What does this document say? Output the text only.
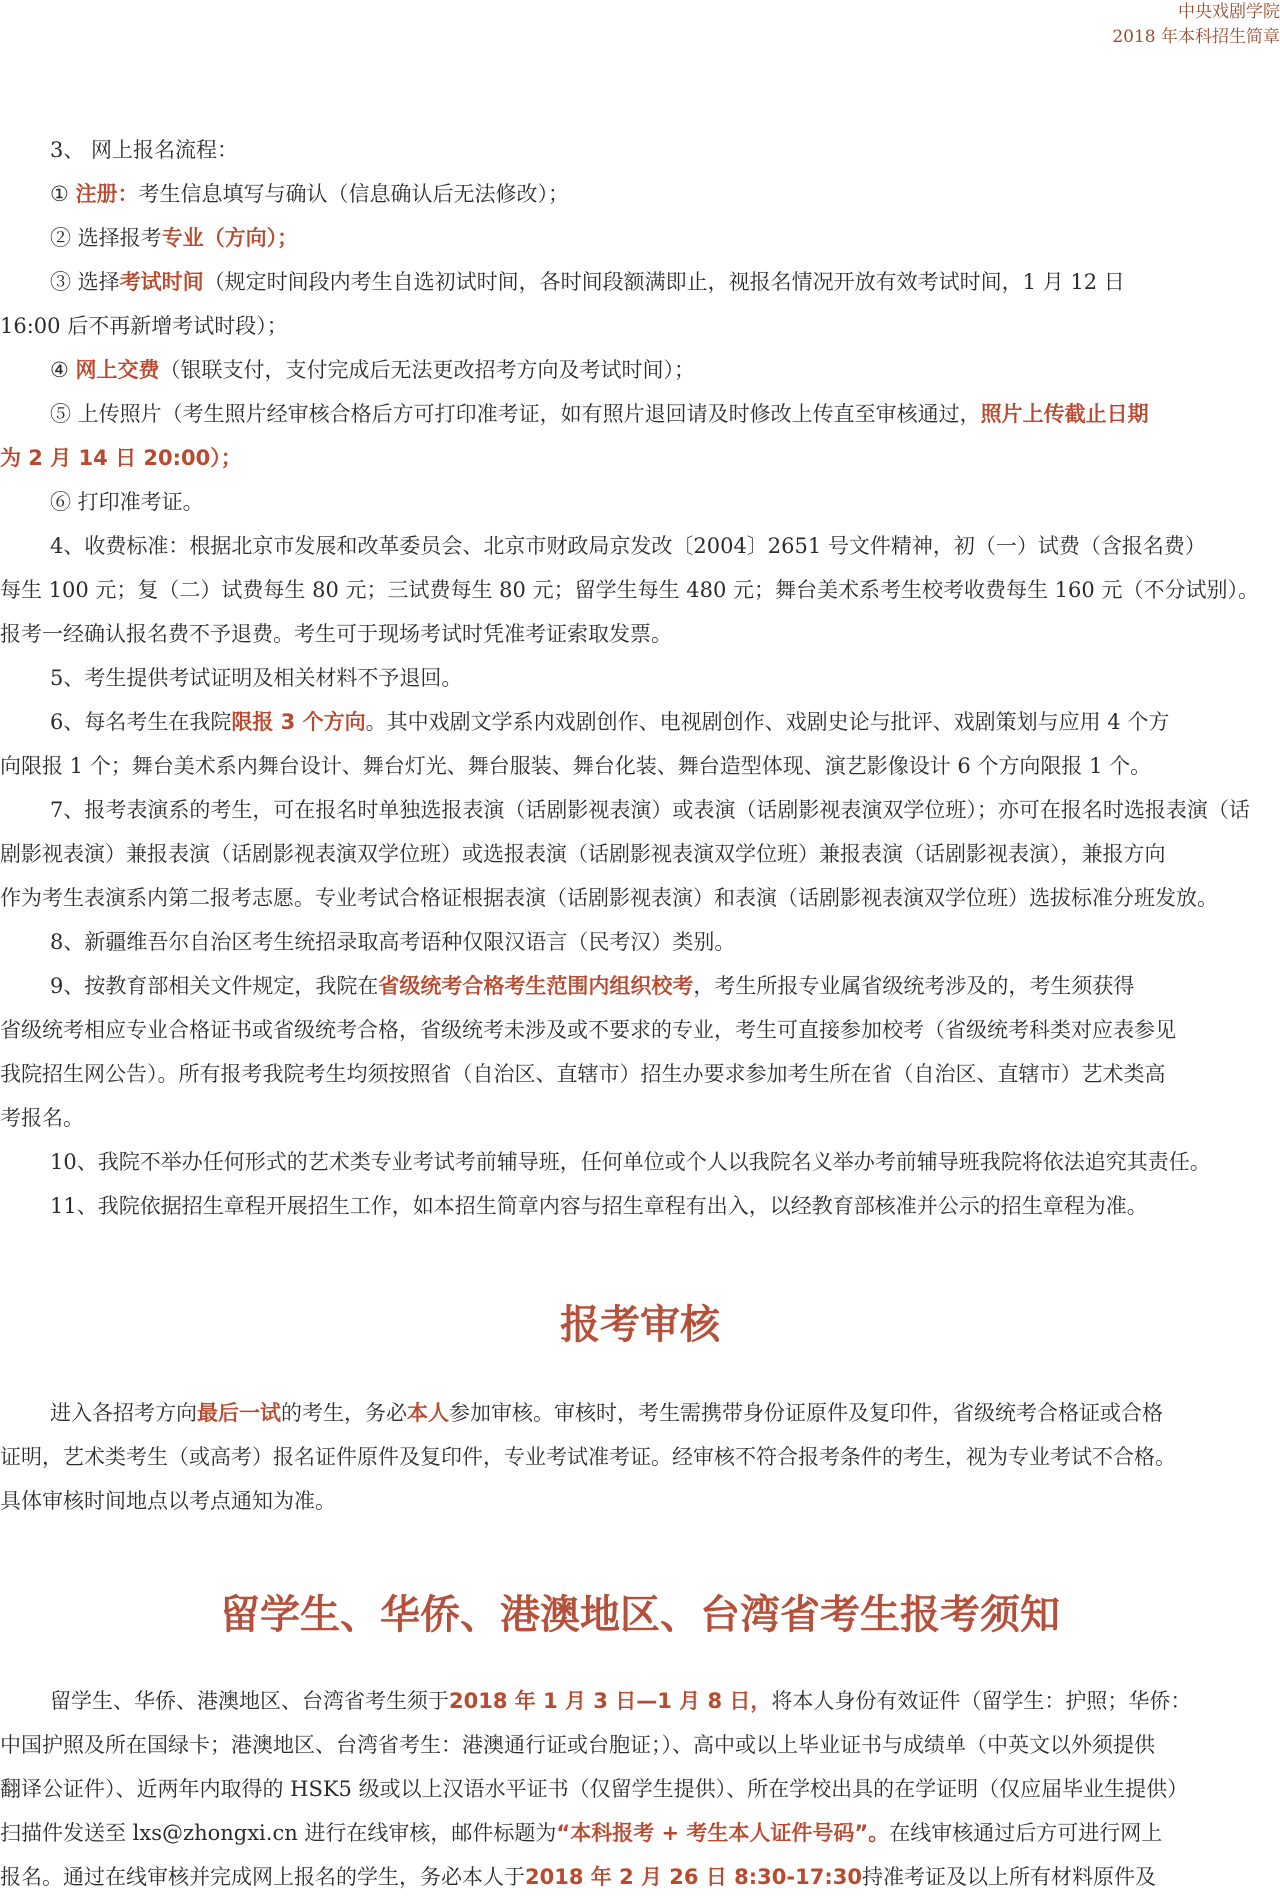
中央戏剧学院
2018 年本科招生简章

3、 网上报名流程：

① 注册：考生信息填写与确认（信息确认后无法修改）；

② 选择报考专业（方向）；

③ 选择考试时间（规定时间段内考生自选初试时间，各时间段额满即止，视报名情况开放有效考试时间，1 月 12 日

16:00 后不再新增考试时段）；

④ 网上交费（银联支付，支付完成后无法更改招考方向及考试时间）；

⑤ 上传照片（考生照片经审核合格后方可打印准考证，如有照片退回请及时修改上传直至审核通过，照片上传截止日期

为 2 月 14 日 20:00）；

⑥ 打印准考证。

4、收费标准：根据北京市发展和改革委员会、北京市财政局京发改〔2004〕2651 号文件精神，初（一）试费（含报名费）

每生 100 元；复（二）试费每生 80 元；三试费每生 80 元；留学生每生 480 元；舞台美术系考生校考收费每生 160 元（不分试别）。

报考一经确认报名费不予退费。考生可于现场考试时凭准考证索取发票。

5、考生提供考试证明及相关材料不予退回。

6、每名考生在我院限报 3 个方向。其中戏剧文学系内戏剧创作、电视剧创作、戏剧史论与批评、戏剧策划与应用 4 个方

向限报 1 个；舞台美术系内舞台设计、舞台灯光、舞台服装、舞台化装、舞台造型体现、演艺影像设计 6 个方向限报 1 个。

7、报考表演系的考生，可在报名时单独选报表演（话剧影视表演）或表演（话剧影视表演双学位班）；亦可在报名时选报表演（话

剧影视表演）兼报表演（话剧影视表演双学位班）或选报表演（话剧影视表演双学位班）兼报表演（话剧影视表演），兼报方向

作为考生表演系内第二报考志愿。专业考试合格证根据表演（话剧影视表演）和表演（话剧影视表演双学位班）选拔标准分班发放。

8、新疆维吾尔自治区考生统招录取高考语种仅限汉语言（民考汉）类别。

9、按教育部相关文件规定，我院在省级统考合格考生范围内组织校考，考生所报专业属省级统考涉及的，考生须获得

省级统考相应专业合格证书或省级统考合格，省级统考未涉及或不要求的专业，考生可直接参加校考（省级统考科类对应表参见

我院招生网公告）。所有报考我院考生均须按照省（自治区、直辖市）招生办要求参加考生所在省（自治区、直辖市）艺术类高

考报名。

10、我院不举办任何形式的艺术类专业考试考前辅导班，任何单位或个人以我院名义举办考前辅导班我院将依法追究其责任。

11、我院依据招生章程开展招生工作，如本招生简章内容与招生章程有出入，以经教育部核准并公示的招生章程为准。

报考审核

进入各招考方向最后一试的考生，务必本人参加审核。审核时，考生需携带身份证原件及复印件，省级统考合格证或合格

证明，艺术类考生（或高考）报名证件原件及复印件，专业考试准考证。经审核不符合报考条件的考生，视为专业考试不合格。

具体审核时间地点以考点通知为准。

留学生、华侨、港澳地区、台湾省考生报考须知

留学生、华侨、港澳地区、台湾省考生须于2018 年 1 月 3 日—1 月 8 日，将本人身份有效证件（留学生：护照；华侨：

中国护照及所在国绿卡；港澳地区、台湾省考生：港澳通行证或台胞证；）、高中或以上毕业证书与成绩单（中英文以外须提供

翻译公证件）、近两年内取得的 HSK5 级或以上汉语水平证书（仅留学生提供）、所在学校出具的在学证明（仅应届毕业生提供）

扫描件发送至 lxs@zhongxi.cn 进行在线审核，邮件标题为“本科报考 + 考生本人证件号码”。在线审核通过后方可进行网上

报名。通过在线审核并完成网上报名的学生，务必本人于2018 年 2 月 26 日 8:30-17:30持准考证及以上所有材料原件及
